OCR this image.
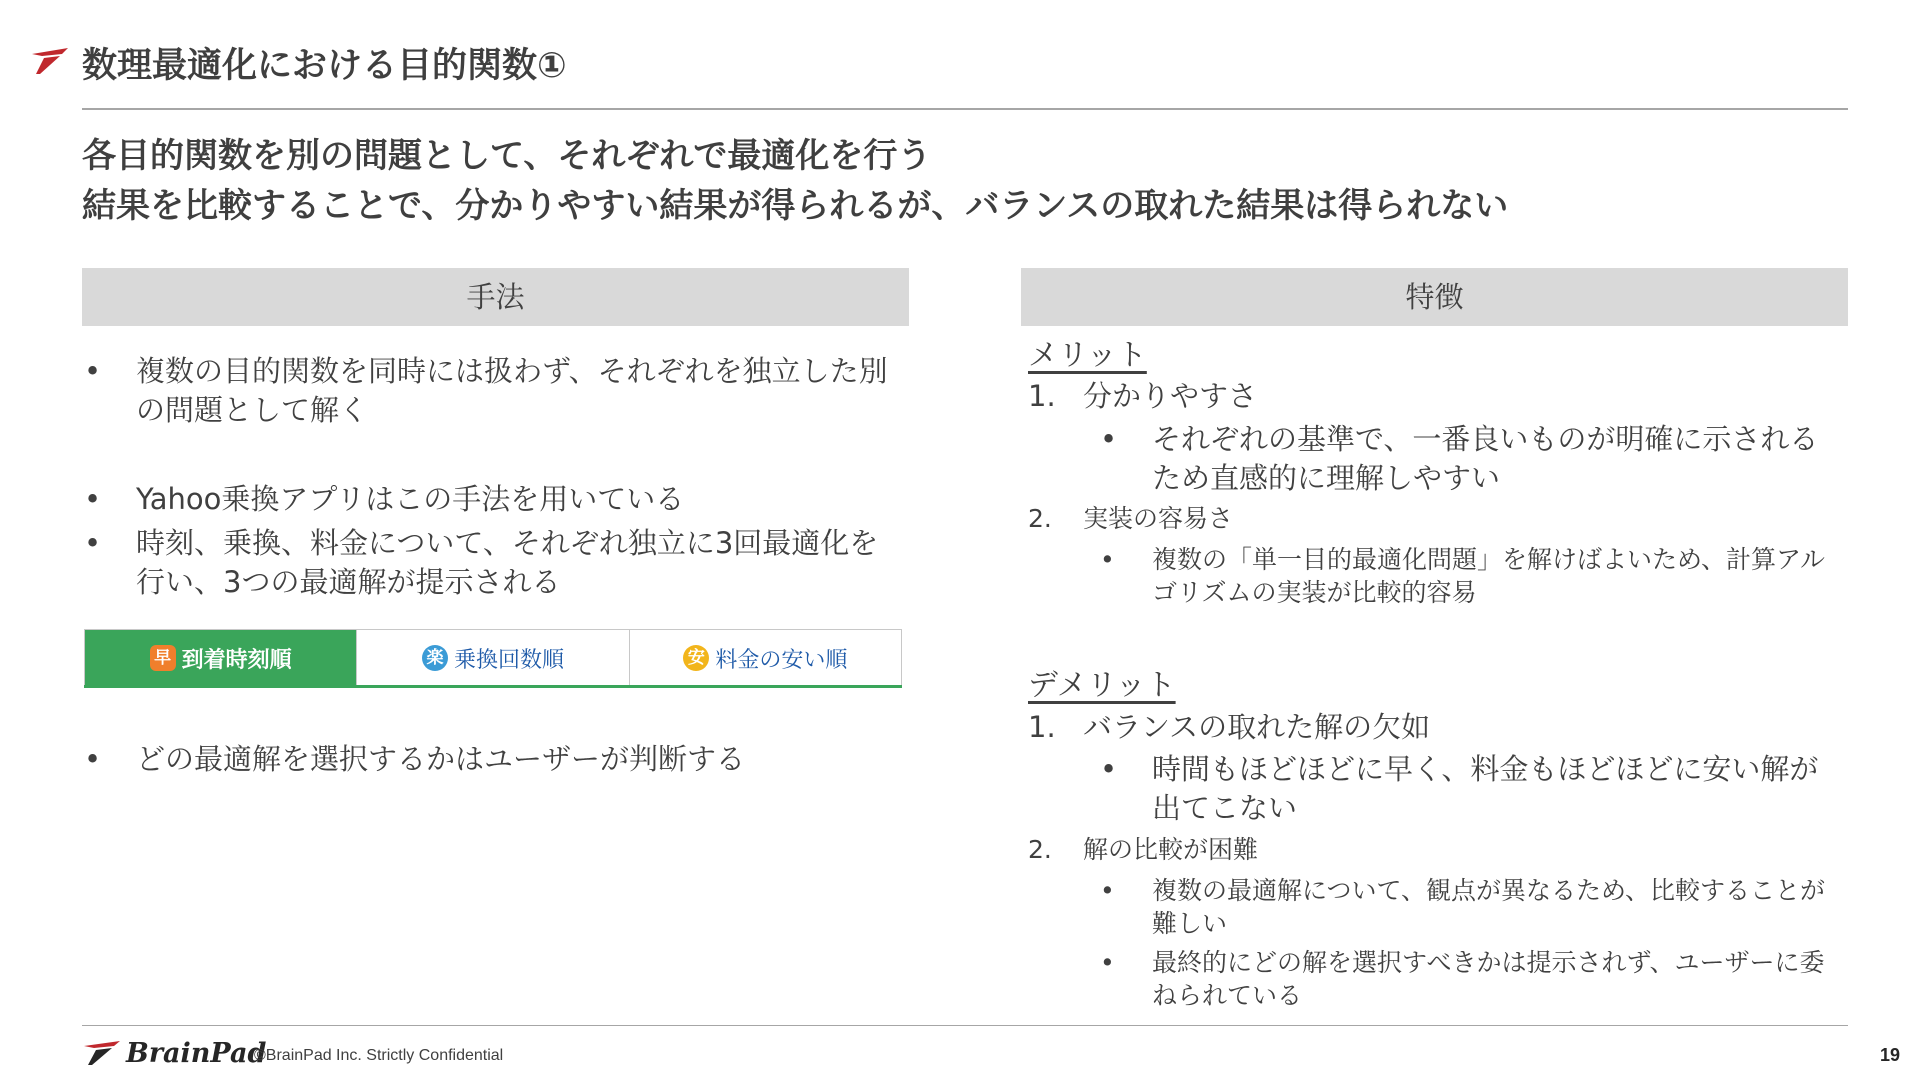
数理最適化における目的関数①
各目的関数を別の問題として、それぞれで最適化を行う
結果を比較することで、分かりやすい結果が得られるが、バランスの取れた結果は得られない
手法
• 複数の目的関数を同時には扱わず、それぞれを独立した別の問題として解く
• Yahoo乗換アプリはこの手法を用いている
• 時刻、乗換、料金について、それぞれ独立に3回最適化を行い、3つの最適解が提示される
早 到着時刻順	楽 乗換回数順	安 料金の安い順
• どの最適解を選択するかはユーザーが判断する
特徴
メリット
1. 分かりやすさ
• それぞれの基準で、一番良いものが明確に示されるため直感的に理解しやすい
2. 実装の容易さ
• 複数の「単一目的最適化問題」を解けばよいため、計算アルゴリズムの実装が比較的容易
デメリット
1. バランスの取れた解の欠如
• 時間もほどほどに早く、料金もほどほどに安い解が出てこない
2. 解の比較が困難
• 複数の最適解について、観点が異なるため、比較することが難しい
• 最終的にどの解を選択すべきかは提示されず、ユーザーに委ねられている
BrainPad
©BrainPad Inc. Strictly Confidential	19
